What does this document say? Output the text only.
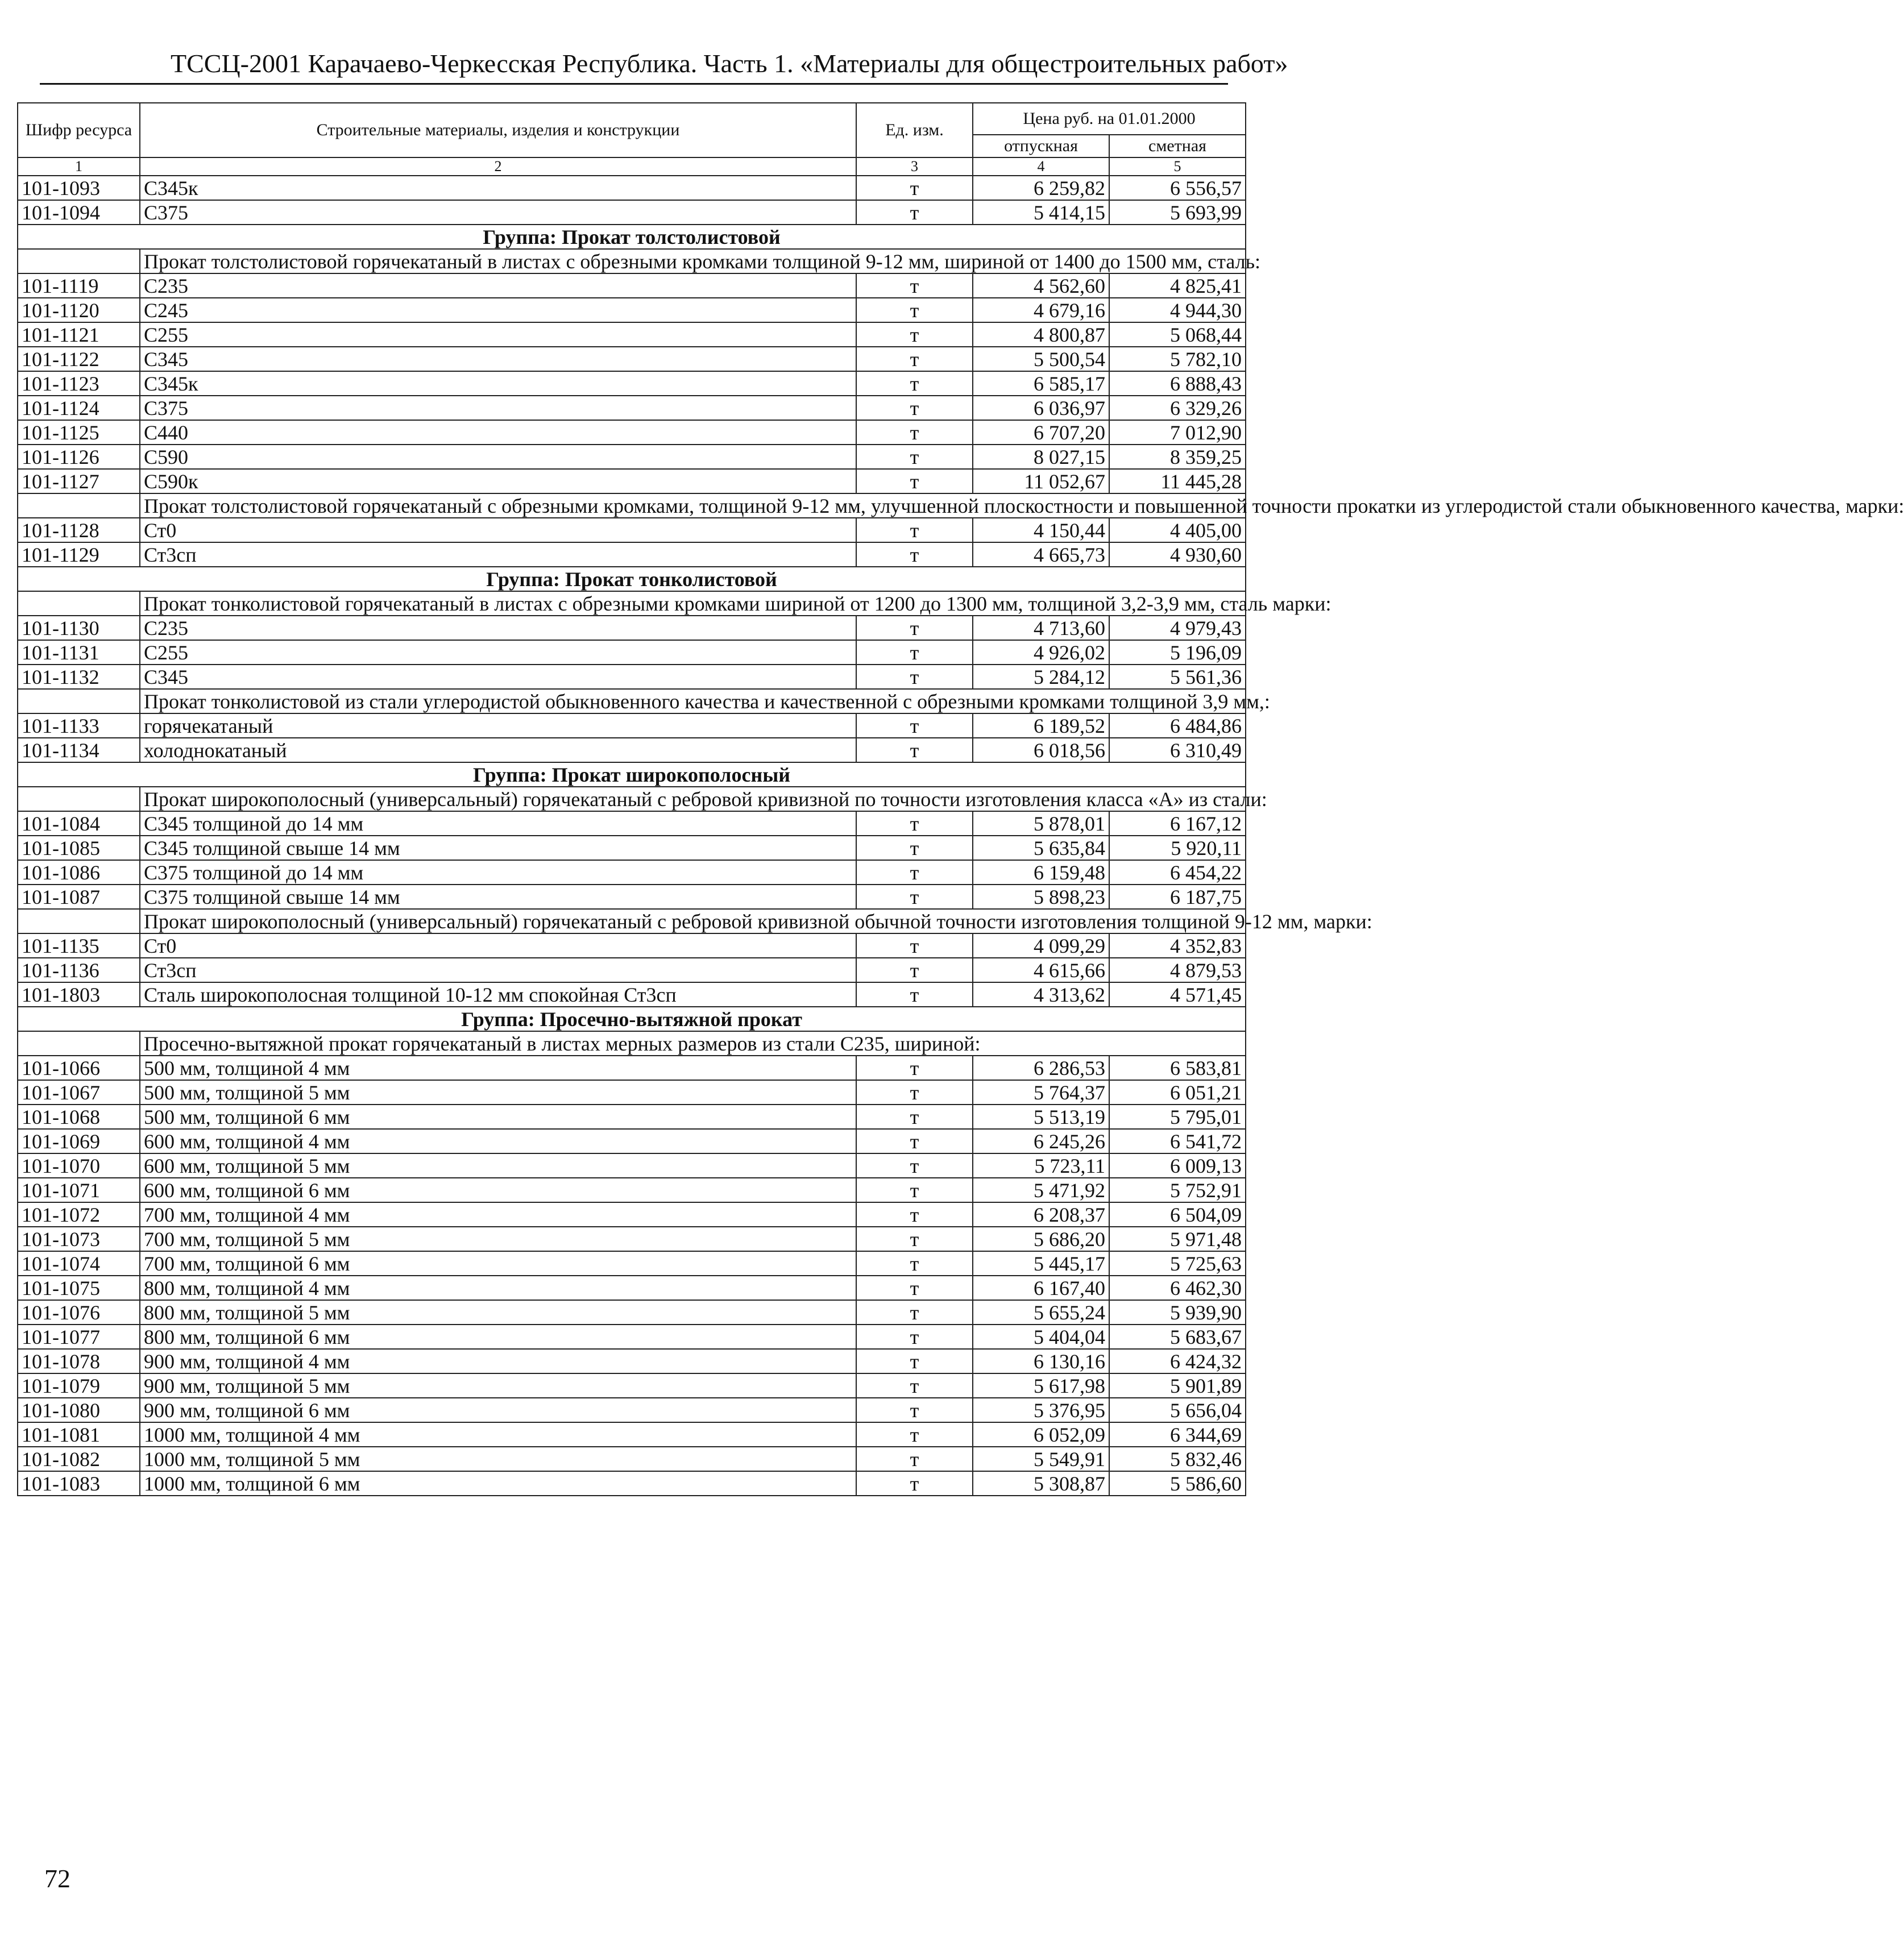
ТССЦ-2001 Карачаево-Черкесская Республика. Часть 1. «Материалы для общестроительных работ»
Шифр ресурса	Строительные материалы, изделия и конструкции	Ед. изм.	Цена руб. на 01.01.2000	
			отпускная	сметная
1	2	3	4	5
101-1093	С345к	т	6 259,82	6 556,57
101-1094	С375	т	5 414,15	5 693,99
Группа: Прокат толстолистовой				
	Прокат толстолистовой горячекатаный в листах с обрезными кромками толщиной 9-12 мм, шириной от 1400 до 1500 мм, сталь:			
101-1119	С235	т	4 562,60	4 825,41
101-1120	С245	т	4 679,16	4 944,30
101-1121	С255	т	4 800,87	5 068,44
101-1122	С345	т	5 500,54	5 782,10
101-1123	С345к	т	6 585,17	6 888,43
101-1124	С375	т	6 036,97	6 329,26
101-1125	С440	т	6 707,20	7 012,90
101-1126	С590	т	8 027,15	8 359,25
101-1127	С590к	т	11 052,67	11 445,28
	Прокат толстолистовой горячекатаный с обрезными кромками, толщиной 9-12 мм, улучшенной плоскостности и повышенной точности прокатки из углеродистой стали обыкновенного качества, марки:			
101-1128	Ст0	т	4 150,44	4 405,00
101-1129	Ст3сп	т	4 665,73	4 930,60
Группа: Прокат тонколистовой				
	Прокат тонколистовой горячекатаный в листах с обрезными кромками шириной от 1200 до 1300 мм, толщиной 3,2-3,9 мм, сталь марки:			
101-1130	С235	т	4 713,60	4 979,43
101-1131	С255	т	4 926,02	5 196,09
101-1132	С345	т	5 284,12	5 561,36
	Прокат тонколистовой из стали углеродистой обыкновенного качества и качественной с обрезными кромками толщиной 3,9 мм,:			
101-1133	горячекатаный	т	6 189,52	6 484,86
101-1134	холоднокатаный	т	6 018,56	6 310,49
Группа: Прокат широкополосный				
	Прокат широкополосный (универсальный) горячекатаный с ребровой кривизной по точности изготовления класса «А» из стали:			
101-1084	С345 толщиной до 14 мм	т	5 878,01	6 167,12
101-1085	С345 толщиной свыше 14 мм	т	5 635,84	5 920,11
101-1086	С375 толщиной до 14 мм	т	6 159,48	6 454,22
101-1087	С375 толщиной свыше 14 мм	т	5 898,23	6 187,75
	Прокат широкополосный (универсальный) горячекатаный с ребровой кривизной обычной точности изготовления толщиной 9-12 мм, марки:			
101-1135	Ст0	т	4 099,29	4 352,83
101-1136	Ст3сп	т	4 615,66	4 879,53
101-1803	Сталь широкополосная толщиной 10-12 мм спокойная Ст3сп	т	4 313,62	4 571,45
Группа: Просечно-вытяжной прокат				
	Просечно-вытяжной прокат горячекатаный в листах мерных размеров из стали С235, шириной:			
101-1066	500 мм, толщиной 4 мм	т	6 286,53	6 583,81
101-1067	500 мм, толщиной 5 мм	т	5 764,37	6 051,21
101-1068	500 мм, толщиной 6 мм	т	5 513,19	5 795,01
101-1069	600 мм, толщиной 4 мм	т	6 245,26	6 541,72
101-1070	600 мм, толщиной 5 мм	т	5 723,11	6 009,13
101-1071	600 мм, толщиной 6 мм	т	5 471,92	5 752,91
101-1072	700 мм, толщиной 4 мм	т	6 208,37	6 504,09
101-1073	700 мм, толщиной 5 мм	т	5 686,20	5 971,48
101-1074	700 мм, толщиной 6 мм	т	5 445,17	5 725,63
101-1075	800 мм, толщиной 4 мм	т	6 167,40	6 462,30
101-1076	800 мм, толщиной 5 мм	т	5 655,24	5 939,90
101-1077	800 мм, толщиной 6 мм	т	5 404,04	5 683,67
101-1078	900 мм, толщиной 4 мм	т	6 130,16	6 424,32
101-1079	900 мм, толщиной 5 мм	т	5 617,98	5 901,89
101-1080	900 мм, толщиной 6 мм	т	5 376,95	5 656,04
101-1081	1000 мм, толщиной 4 мм	т	6 052,09	6 344,69
101-1082	1000 мм, толщиной 5 мм	т	5 549,91	5 832,46
101-1083	1000 мм, толщиной 6 мм	т	5 308,87	5 586,60
72
